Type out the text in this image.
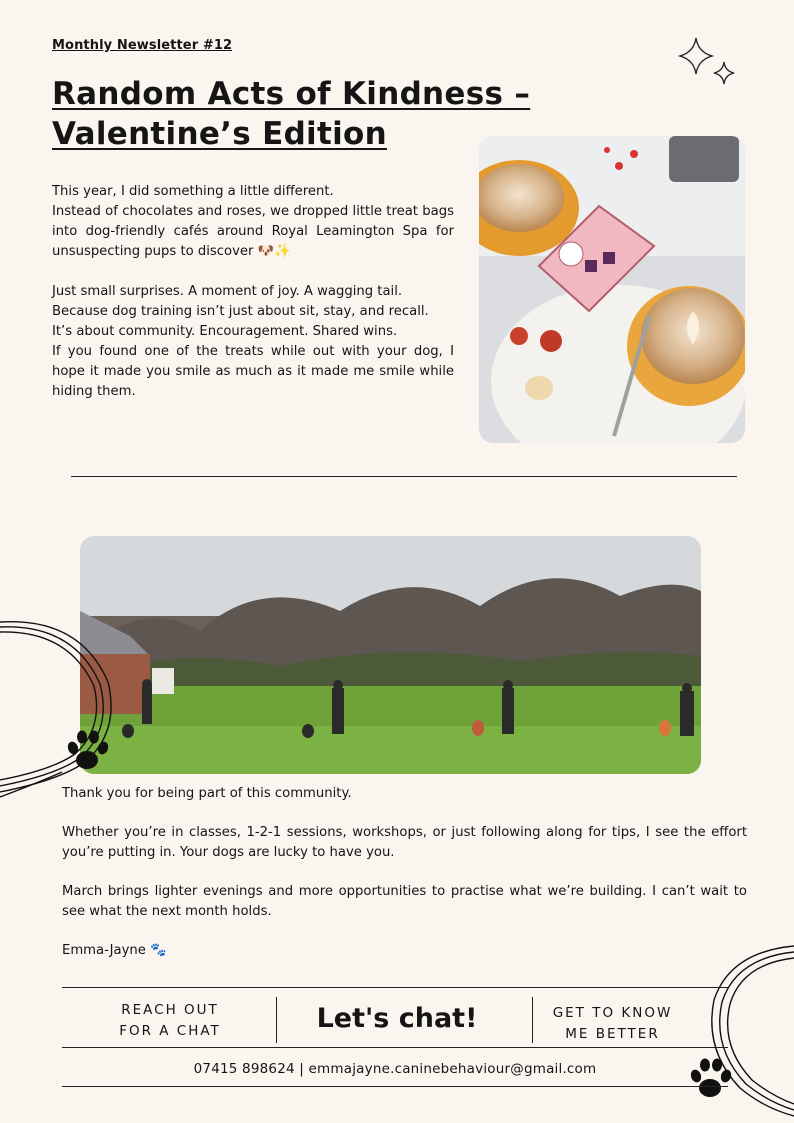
Monthly Newsletter #12
Random Acts of Kindness – Valentine’s Edition

This year, I did something a little different.
Instead of chocolates and roses, we dropped little treat bags into dog-friendly cafés around Royal Leamington Spa for unsuspecting pups to discover 🐶✨

Just small surprises. A moment of joy. A wagging tail.
Because dog training isn’t just about sit, stay, and recall.
It’s about community. Encouragement. Shared wins.
If you found one of the treats while out with your dog, I hope it made you smile as much as it made me smile while hiding them.

Thank you for being part of this community.

Whether you’re in classes, 1-2-1 sessions, workshops, or just following along for tips, I see the effort you’re putting in. Your dogs are lucky to have you.

March brings lighter evenings and more opportunities to practise what we’re building. I can’t wait to see what the next month holds.

Emma-Jayne 🐾

REACH OUT
FOR A CHAT	Let's chat!	GET TO KNOW
ME BETTER
07415 898624 | emmajayne.caninebehaviour@gmail.com
